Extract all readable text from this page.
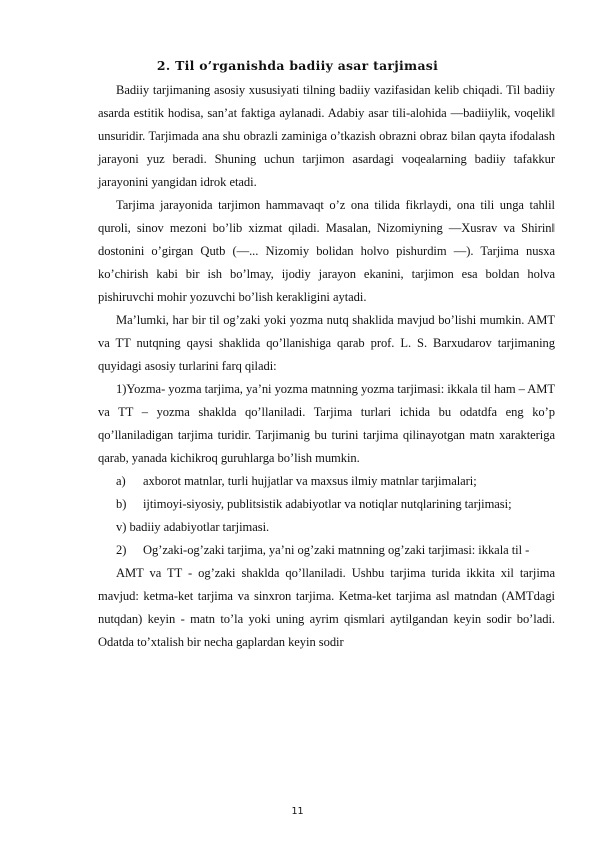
2. Til o’rganishda badiiy asar tarjimasi

Badiiy tarjimaning asosiy xususiyati tilning badiiy vazifasidan kelib chiqadi. Til badiiy asarda estitik hodisa, san’at faktiga aylanadi. Adabiy asar tili-alohida ―badiiylik, voqelik‖ unsuridir. Tarjimada ana shu obrazli zaminiga o’tkazish obrazni obraz bilan qayta ifodalash jarayoni yuz beradi. Shuning uchun tarjimon asardagi voqealarning badiiy tafakkur jarayonini yangidan idrok etadi.

Tarjima jarayonida tarjimon hammavaqt o’z ona tilida fikrlaydi, ona tili unga tahlil quroli, sinov mezoni bo’lib xizmat qiladi. Masalan, Nizomiyning ―Xusrav va Shirin‖ dostonini o’girgan Qutb (―... Nizomiy bolidan holvo pishurdim ―). Tarjima nusxa ko’chirish kabi bir ish bo’lmay, ijodiy jarayon ekanini, tarjimon esa boldan holva pishiruvchi mohir yozuvchi bo’lish kerakligini aytadi.

Ma’lumki, har bir til og’zaki yoki yozma nutq shaklida mavjud bo’lishi mumkin. AMT va TT nutqning qaysi shaklida qo’llanishiga qarab prof. L. S. Barxudarov tarjimaning quyidagi asosiy turlarini farq qiladi:

1)Yozma- yozma tarjima, ya’ni yozma matnning yozma tarjimasi: ikkala til ham – AMT va TT – yozma shaklda qo’llaniladi. Tarjima turlari ichida bu odatdfa eng ko’p qo’llaniladigan tarjima turidir. Tarjimanig bu turini tarjima qilinayotgan matn xarakteriga qarab, yanada kichikroq guruhlarga bo’lish mumkin.

a) axborot matnlar, turli hujjatlar va maxsus ilmiy matnlar tarjimalari;
b) ijtimoyi-siyosiy, publitsistik adabiyotlar va notiqlar nutqlarining tarjimasi;
v) badiiy adabiyotlar tarjimasi.
2) Og’zaki-og’zaki tarjima, ya’ni og’zaki matnning og’zaki tarjimasi: ikkala til -

AMT va TT - og’zaki shaklda qo’llaniladi. Ushbu tarjima turida ikkita xil tarjima mavjud: ketma-ket tarjima va sinxron tarjima. Ketma-ket tarjima asl matndan (AMTdagi nutqdan) keyin - matn to’la yoki uning ayrim qismlari aytilgandan keyin sodir bo’ladi. Odatda to’xtalish bir necha gaplardan keyin sodir

11
